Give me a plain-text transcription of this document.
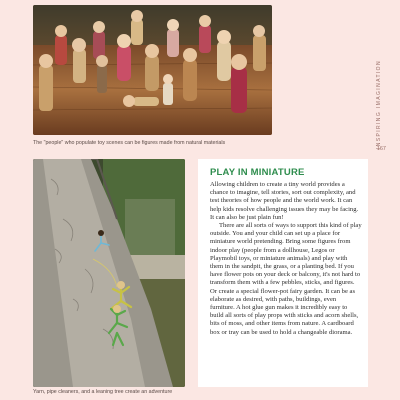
The "people" who populate toy scenes can be figures made from natural materials
Yarn, pipe cleaners, and a leaning tree create an adventure
INSPIRING IMAGINATION
167
PLAY IN MINIATURE

Allowing children to create a tiny world provides a chance to imagine, tell stories, sort out complexity, and test theories of how people and the world work. It can help kids resolve challenging issues they may be facing. It can also be just plain fun!

There are all sorts of ways to support this kind of play outside. You and your child can set up a place for miniature world pretending. Bring some figures from indoor play (people from a dollhouse, Legos or Playmobil toys, or miniature animals) and play with them in the sandpit, the grass, or a planting bed. If you have flower pots on your deck or balcony, it's not hard to transform them with a few pebbles, sticks, and figures. Or create a special flower-pot fairy garden. It can be as elaborate as desired, with paths, buildings, even furniture. A hot glue gun makes it incredibly easy to build all sorts of play props with sticks and acorn shells, bits of moss, and other items from nature. A cardboard box or tray can be used to hold a changeable diorama.
